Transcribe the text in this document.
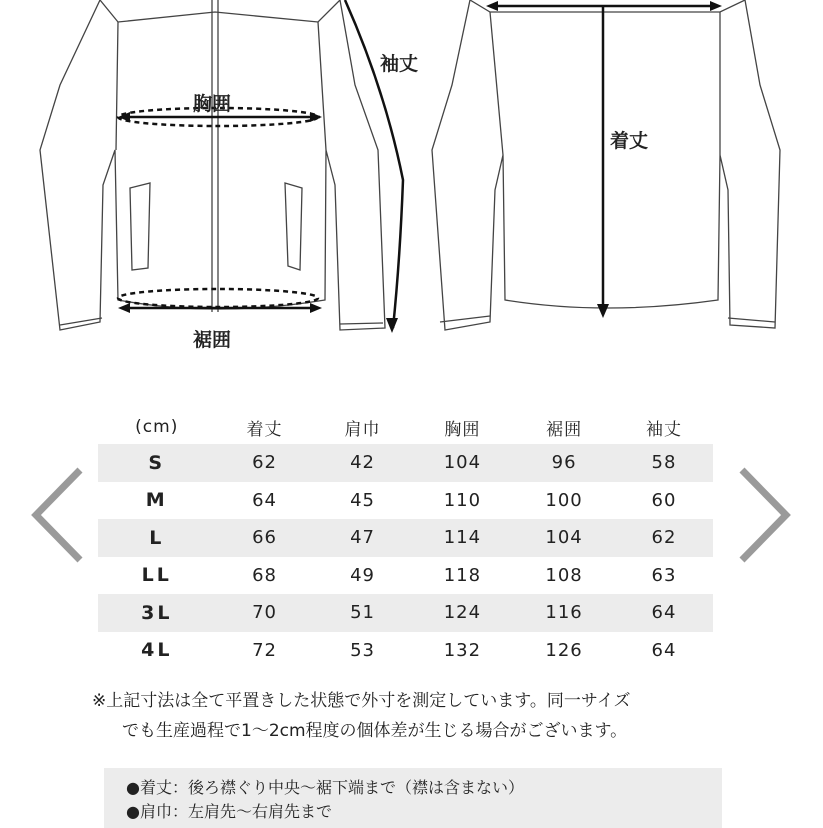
胸囲
裾囲
袖丈
着丈
(cm)	着丈	肩巾	胸囲	裾囲	袖丈
S	62	42	104	96	58
M	64	45	110	100	60
L	66	47	114	104	62
LL	68	49	118	108	63
3L	70	51	124	116	64
4L	72	53	132	126	64
※上記寸法は全て平置きした状態で外寸を測定しています。同一サイズ
でも生産過程で1～2cm程度の個体差が生じる場合がございます。
●着丈：後ろ襟ぐり中央～裾下端まで（襟は含まない）
●肩巾：左肩先～右肩先まで
